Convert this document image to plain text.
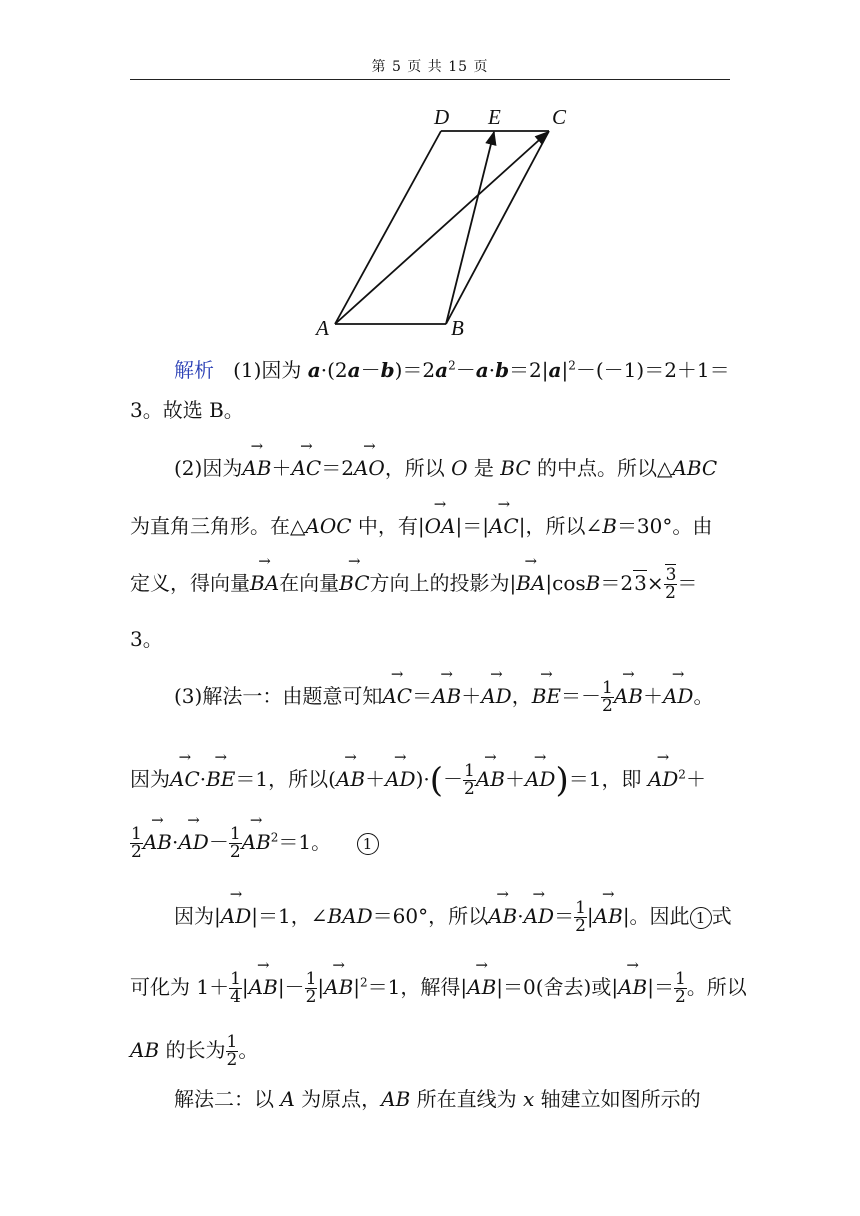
第 5 页 共 15 页
D E C
A	B
解析 (1)因为 $a\cdot(2a-b)=2a^2-a\cdot b=2|a|^2-(-1)=2+1=$
3。故选 B。
(2)因为→ AB＋→ AC＝2→ AO，所以 O 是 BC 的中点。所以△ABC
为直角三角形。在△AOC 中，有|→ OA|＝|→ AC|，所以∠B＝30°。由
定义，得向量→ BA在向量→ BC方向上的投影为|→ $BA|\cos B=23\times \frac{3}{2}$ ＝
3。
(3)解法一：由题意可知→ AC＝→ AB＋→ AD，→ $BE=- \frac{1}{2}$
→ AB＋→ AD。
因为→ AC·→ BE＝1，所以(→ $AB+\to AD)\cdot(- \frac{1}{2}$
→ AB＋→ AD)＝1，即 → $AD^2+$
$\frac{1}{2}$
→ $AB\cdot\to AD- \frac{1}{2}$
→ $AB^2=1$。    1
因为|→ AD|＝1，∠BAD＝60°，所以→ $AB\cdot\to AD= \frac{1}{2}$ |→ AB|。因此 1 式
可化为 $1+ \frac{1}{4}$ |→ $AB|- \frac{1}{2}$ |→ $AB|^2=1$，解得|→ AB|＝0(舍去)或|→ $AB|= \frac{1}{2}$ 。所以
AB 的长为 $\frac{1}{2}$ 。
解法二：以 A 为原点，AB 所在直线为 x 轴建立如图所示的
